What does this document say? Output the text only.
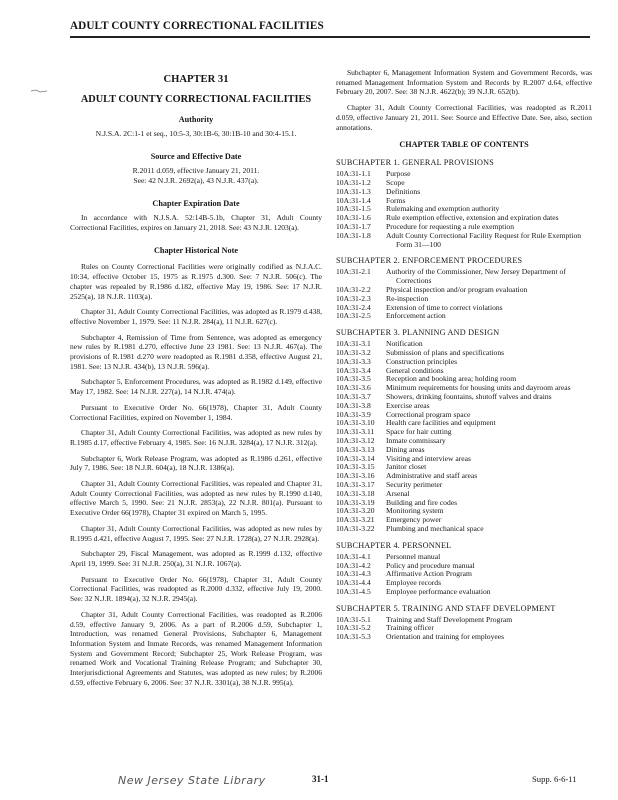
ADULT COUNTY CORRECTIONAL FACILITIES
CHAPTER 31
ADULT COUNTY CORRECTIONAL FACILITIES
Authority
N.J.S.A. 2C:1-1 et seq., 10:5-3, 30:1B-6, 30:1B-10 and 30:4-15.1.
Source and Effective Date
R.2011 d.059, effective January 21, 2011.
See: 42 N.J.R. 2692(a), 43 N.J.R. 437(a).
Chapter Expiration Date

In accordance with N.J.S.A. 52:14B-5.1b, Chapter 31, Adult County Correctional Facilities, expires on January 21, 2018. See: 43 N.J.R. 1203(a).

Chapter Historical Note

Rules on County Correctional Facilities were originally codified as N.J.A.C. 10:34, effective October 15, 1975 as R.1975 d.300. See: 7 N.J.R. 506(c). The chapter was repealed by R.1986 d.182, effective May 19, 1986. See: 17 N.J.R. 2525(a), 18 N.J.R. 1103(a).

Chapter 31, Adult County Correctional Facilities, was adopted as R.1979 d.438, effective November 1, 1979. See: 11 N.J.R. 284(a), 11 N.J.R. 627(c).

Subchapter 4, Remission of Time from Sentence, was adopted as emergency new rules by R.1981 d.270, effective June 23 1981. See: 13 N.J.R. 467(a). The provisions of R.1981 d.270 were readopted as R.1981 d.358, effective August 21, 1981. See: 13 N.J.R. 434(b), 13 N.J.R. 596(a).

Subchapter 5, Enforcement Procedures, was adopted as R.1982 d.149, effective May 17, 1982. See: 14 N.J.R. 227(a), 14 N.J.R. 474(a).

Pursuant to Executive Order No. 66(1978), Chapter 31, Adult County Correctional Facilities, expired on November 1, 1984.

Chapter 31, Adult County Correctional Facilities, was adopted as new rules by R.1985 d.17, effective February 4, 1985. See: 16 N.J.R. 3284(a), 17 N.J.R. 312(a).

Subchapter 6, Work Release Program, was adopted as R.1986 d.261, effective July 7, 1986. See: 18 N.J.R. 604(a), 18 N.J.R. 1386(a).

Chapter 31, Adult County Correctional Facilities, was repealed and Chapter 31, Adult County Correctional Facilities, was adopted as new rules by R.1990 d.140, effective March 5, 1990. See: 21 N.J.R. 2853(a), 22 N.J.R. 801(a). Pursuant to Executive Order 66(1978), Chapter 31 expired on March 5, 1995.

Chapter 31, Adult County Correctional Facilities, was adopted as new rules by R.1995 d.421, effective August 7, 1995. See: 27 N.J.R. 1728(a), 27 N.J.R. 2928(a).

Subchapter 29, Fiscal Management, was adopted as R.1999 d.132, effective April 19, 1999. See: 31 N.J.R. 250(a), 31 N.J.R. 1067(a).

Pursuant to Executive Order No. 66(1978), Chapter 31, Adult County Correctional Facilities, was readopted as R.2000 d.332, effective July 19, 2000. See: 32 N.J.R. 1894(a), 32 N.J.R. 2945(a).

Chapter 31, Adult County Correctional Facilities, was readopted as R.2006 d.59, effective January 9, 2006. As a part of R.2006 d.59, Subchapter 1, Introduction, was renamed General Provisions, Subchapter 6, Management Information System and Inmate Records, was renamed Management Information System and Government Record; Subchapter 25, Work Release Program, was renamed Work and Vocational Training Release Program; and Subchapter 30, Interjurisdictional Agreements and Statutes, was adopted as new rules; by R.2006 d.59, effective February 6, 2006. See: 37 N.J.R. 3301(a), 38 N.J.R. 995(a).

Subchapter 6, Management Information System and Government Records, was renamed Management Information System and Records by R.2007 d.64, effective February 20, 2007. See: 38 N.J.R. 4622(b); 39 N.J.R. 652(b).

Chapter 31, Adult County Correctional Facilities, was readopted as R.2011 d.059, effective January 21, 2011. See: Source and Effective Date. See, also, section annotations.

CHAPTER TABLE OF CONTENTS
SUBCHAPTER 1. GENERAL PROVISIONS
10A:31-1.1	Purpose
10A:31-1.2	Scope
10A:31-1.3	Definitions
10A:31-1.4	Forms
10A:31-1.5	Rulemaking and exemption authority
10A:31-1.6	Rule exemption effective, extension and expiration dates
10A:31-1.7	Procedure for requesting a rule exemption
10A:31-1.8	Adult County Correctional Facility Request for Rule Exemption Form 31—100
SUBCHAPTER 2. ENFORCEMENT PROCEDURES
10A:31-2.1	Authority of the Commissioner, New Jersey Department of Corrections
10A:31-2.2	Physical inspection and/or program evaluation
10A:31-2.3	Re-inspection
10A:31-2.4	Extension of time to correct violations
10A:31-2.5	Enforcement action
SUBCHAPTER 3. PLANNING AND DESIGN
10A:31-3.1	Notification
10A:31-3.2	Submission of plans and specifications
10A:31-3.3	Construction principles
10A:31-3.4	General conditions
10A:31-3.5	Reception and booking area; holding room
10A:31-3.6	Minimum requirements for housing units and dayroom areas
10A:31-3.7	Showers, drinking fountains, shutoff valves and drains
10A:31-3.8	Exercise areas
10A:31-3.9	Correctional program space
10A:31-3.10	Health care facilities and equipment
10A:31-3.11	Space for hair cutting
10A:31-3.12	Inmate commissary
10A:31-3.13	Dining areas
10A:31-3.14	Visiting and interview areas
10A:31-3.15	Janitor closet
10A:31-3.16	Administrative and staff areas
10A:31-3.17	Security perimeter
10A:31-3.18	Arsenal
10A:31-3.19	Building and fire codes
10A:31-3.20	Monitoring system
10A:31-3.21	Emergency power
10A:31-3.22	Plumbing and mechanical space
SUBCHAPTER 4. PERSONNEL
10A:31-4.1	Personnel manual
10A:31-4.2	Policy and procedure manual
10A:31-4.3	Affirmative Action Program
10A:31-4.4	Employee records
10A:31-4.5	Employee performance evaluation
SUBCHAPTER 5. TRAINING AND STAFF DEVELOPMENT
10A:31-5.1	Training and Staff Development Program
10A:31-5.2	Training officer
10A:31-5.3	Orientation and training for employees
New Jersey State Library	31-1	Supp. 6-6-11
